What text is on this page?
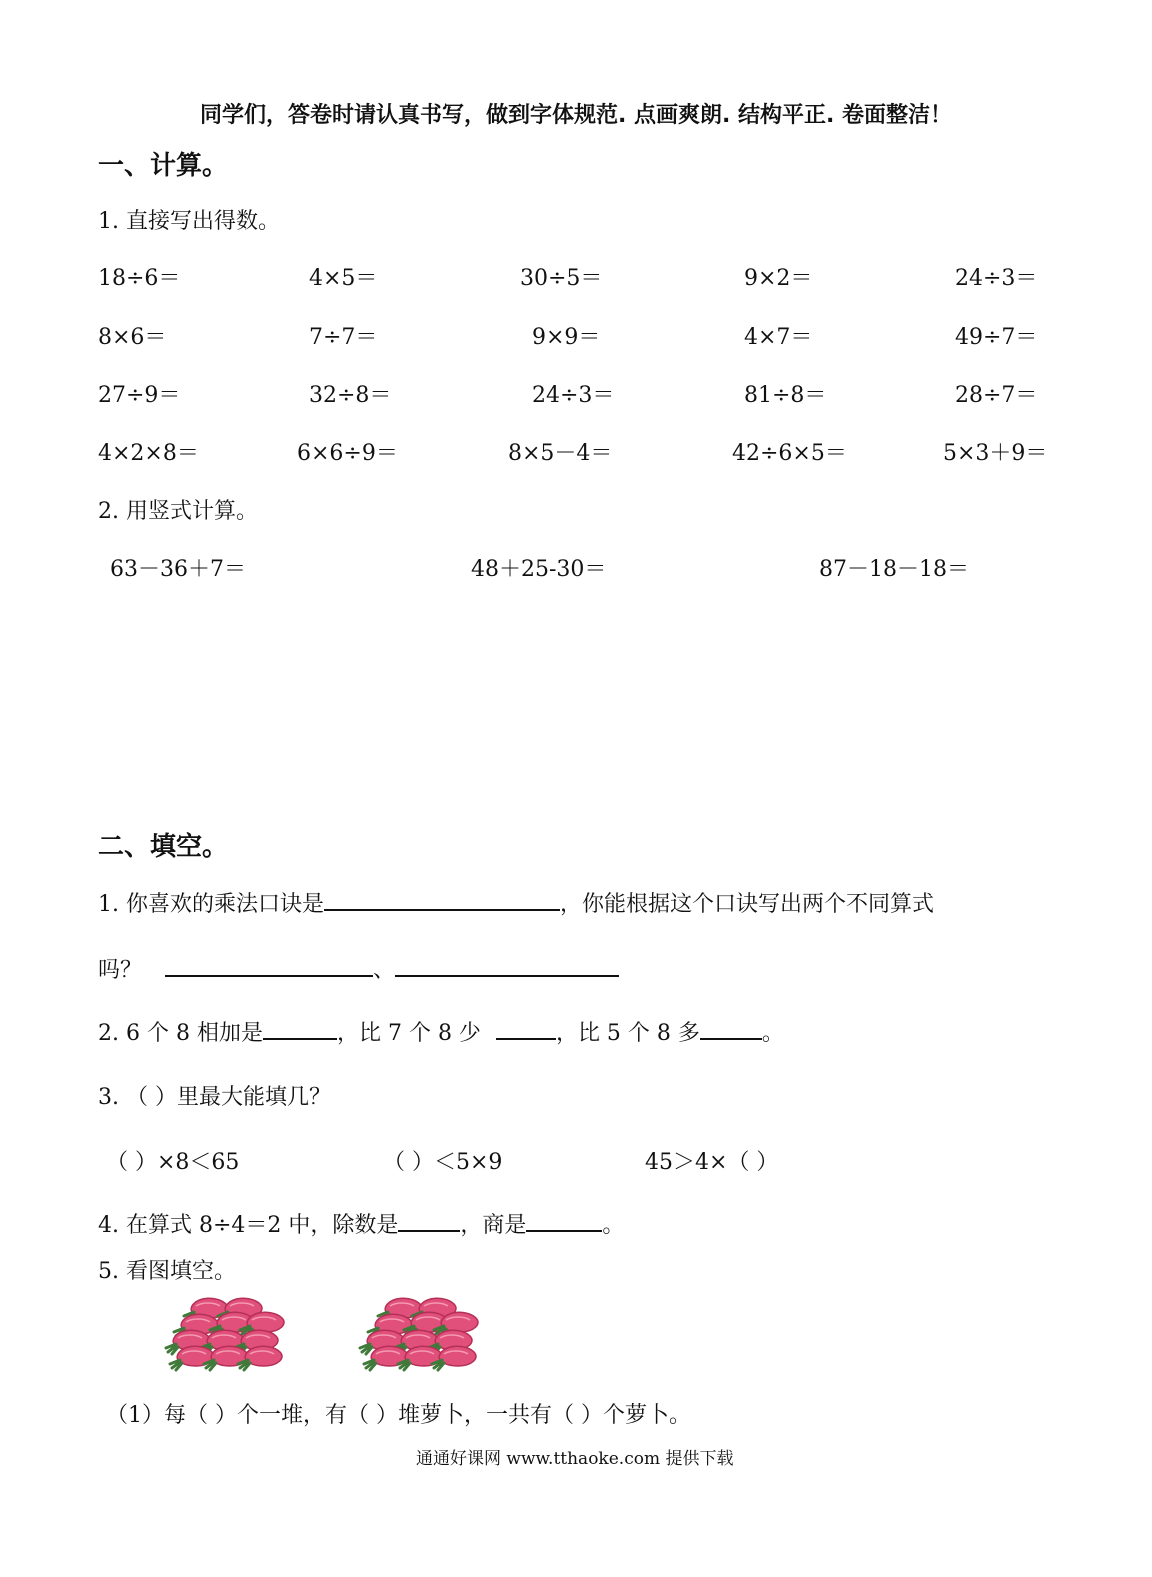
同学们，答卷时请认真书写，做到字体规范. 点画爽朗. 结构平正. 卷面整洁！
一、计算。
1. 直接写出得数。
18÷6＝	4×5＝	30÷5＝	9×2＝	24÷3＝
8×6＝	7÷7＝	9×9＝	4×7＝	49÷7＝
27÷9＝	32÷8＝	24÷3＝	81÷8＝	28÷7＝
4×2×8＝	6×6÷9＝	8×5－4＝	42÷6×5＝	5×3＋9＝
2. 用竖式计算。
63－36＋7＝	48＋25-30＝	87－18－18＝
二、填空。
1. 你喜欢的乘法口诀是	，你能根据这个口诀写出两个不同算式
吗？	、
2. 6 个 8 相加是	，比 7 个 8 少	，比 5 个 8 多	。
3. （ ）里最大能填几？
（ ）×8＜65	（ ）＜5×9	45＞4×（ ）
4. 在算式 8÷4＝2 中，除数是	，商是	。
5. 看图填空。
（1）每（ ）个一堆，有（ ）堆萝卜，一共有（ ）个萝卜。
通通好课网 www.tthaoke.com 提供下载
